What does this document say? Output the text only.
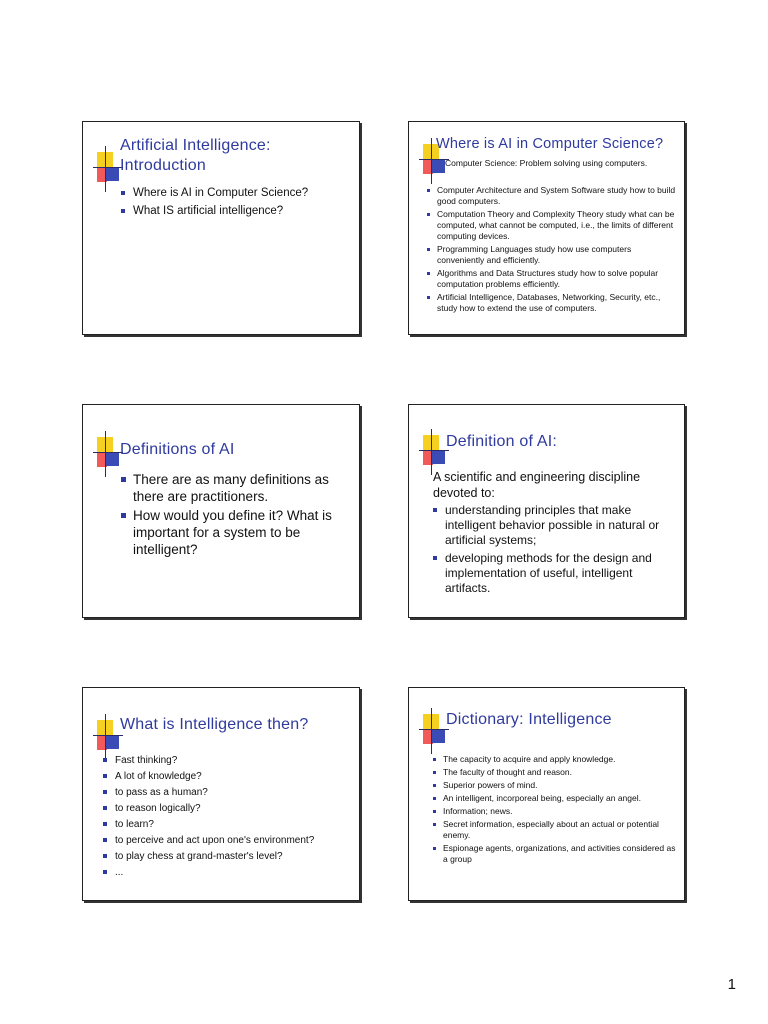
Artificial Intelligence:
Introduction
Where is AI in Computer Science?
What IS artificial intelligence?
Where is AI in Computer Science?

Computer Science: Problem solving using computers.

Computer Architecture and System Software study how to build good computers.
Computation Theory and Complexity Theory study what can be computed, what cannot be computed, i.e., the limits of different computing devices.
Programming Languages study how use computers conveniently and efficiently.
Algorithms and Data Structures study how to solve popular computation problems efficiently.
Artificial Intelligence, Databases, Networking, Security, etc., study how to extend the use of computers.
Definitions of AI
There are as many definitions as there are practitioners.
How would you define it? What is important for a system to be intelligent?
Definition of AI:

A scientific and engineering discipline devoted to:

understanding principles that make intelligent behavior possible in natural or artificial systems;
developing methods for the design and implementation of useful, intelligent artifacts.
What is Intelligence then?
Fast thinking?
A lot of knowledge?
to pass as a human?
to reason logically?
to learn?
to perceive and act upon one's environment?
to play chess at grand-master's level?
...
Dictionary: Intelligence
The capacity to acquire and apply knowledge.
The faculty of thought and reason.
Superior powers of mind.
An intelligent, incorporeal being, especially an angel.
Information; news.
Secret information, especially about an actual or potential enemy.
Espionage agents, organizations, and activities considered as a group
1
